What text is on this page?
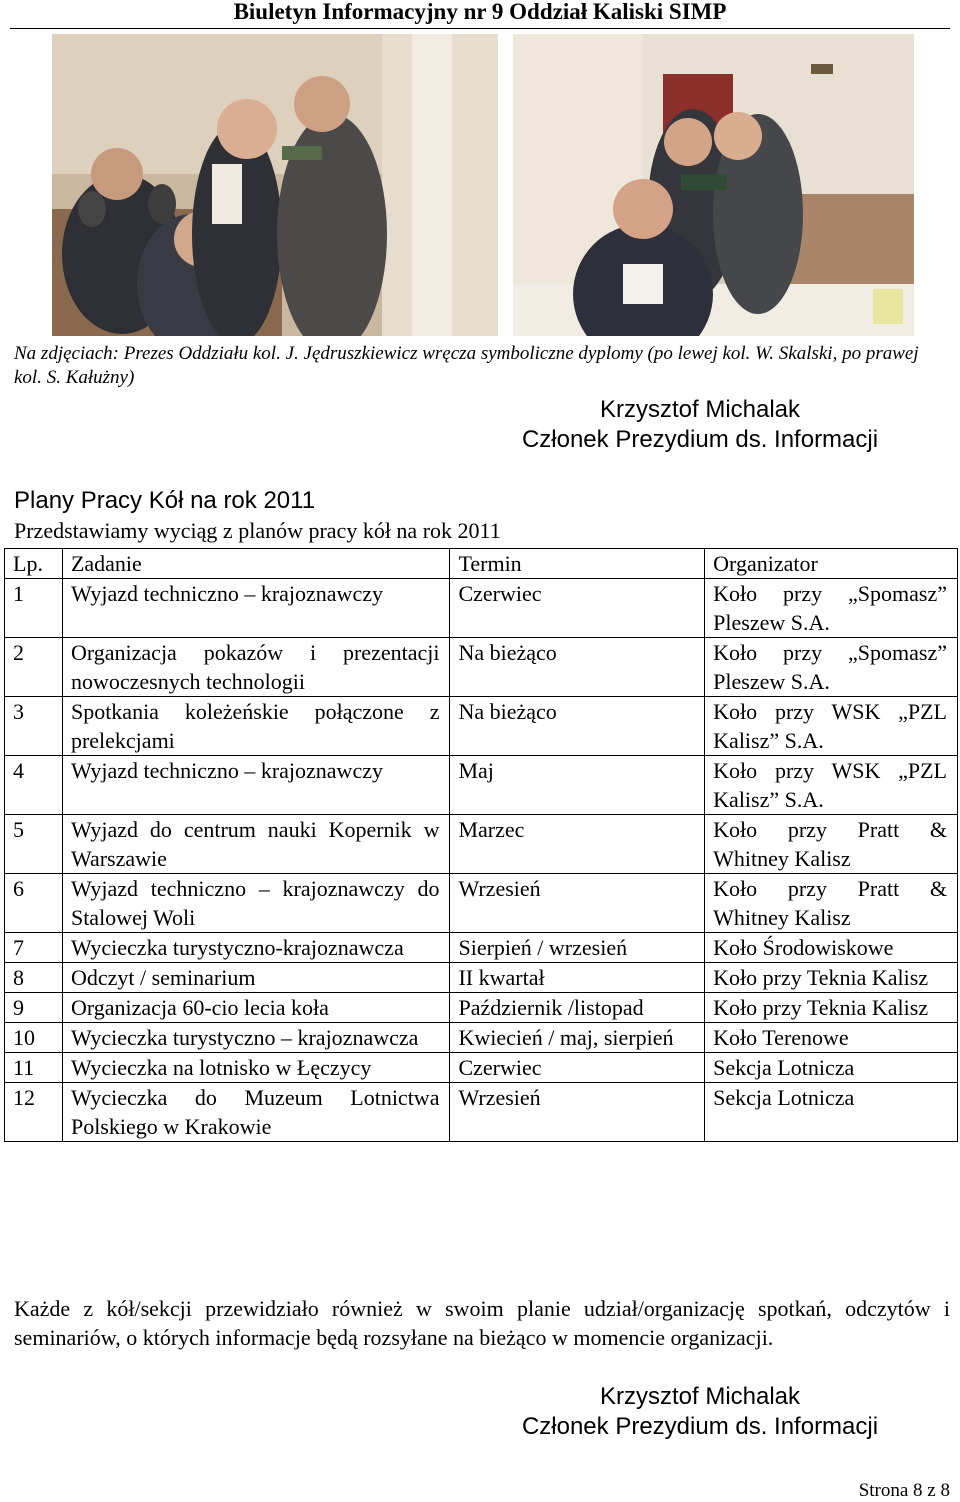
Biuletyn Informacyjny nr 9 Oddział Kaliski SIMP
Na zdjęciach: Prezes Oddziału kol. J. Jędruszkiewicz wręcza symboliczne dyplomy (po lewej kol. W. Skalski, po prawej kol. S. Kałużny)
Krzysztof Michalak
Członek Prezydium ds. Informacji
Plany Pracy Kół na rok 2011
Przedstawiamy wyciąg z planów pracy kół na rok 2011
Lp.	Zadanie	Termin	Organizator
1	Wyjazd techniczno – krajoznawczy	Czerwiec	Koło przy „Spomasz” Pleszew S.A.
2	Organizacja pokazów i prezentacji nowoczesnych technologii	Na bieżąco	Koło przy „Spomasz” Pleszew S.A.
3	Spotkania koleżeńskie połączone z prelekcjami	Na bieżąco	Koło przy WSK „PZL Kalisz” S.A.
4	Wyjazd techniczno – krajoznawczy	Maj	Koło przy WSK „PZL Kalisz” S.A.
5	Wyjazd do centrum nauki Kopernik w Warszawie	Marzec	Koło przy Pratt & Whitney Kalisz
6	Wyjazd techniczno – krajoznawczy do Stalowej Woli	Wrzesień	Koło przy Pratt & Whitney Kalisz
7	Wycieczka turystyczno-krajoznawcza	Sierpień / wrzesień	Koło Środowiskowe
8	Odczyt / seminarium	II kwartał	Koło przy Teknia Kalisz
9	Organizacja 60-cio lecia koła	Październik /listopad	Koło przy Teknia Kalisz
10	Wycieczka turystyczno – krajoznawcza	Kwiecień / maj, sierpień	Koło Terenowe
11	Wycieczka na lotnisko w Łęczycy	Czerwiec	Sekcja Lotnicza
12	Wycieczka do Muzeum Lotnictwa Polskiego w Krakowie	Wrzesień	Sekcja Lotnicza
Każde z kół/sekcji przewidziało również w swoim planie udział/organizację spotkań, odczytów i seminariów, o których informacje będą rozsyłane na bieżąco w momencie organizacji.
Krzysztof Michalak
Członek Prezydium ds. Informacji
Strona 8 z 8
